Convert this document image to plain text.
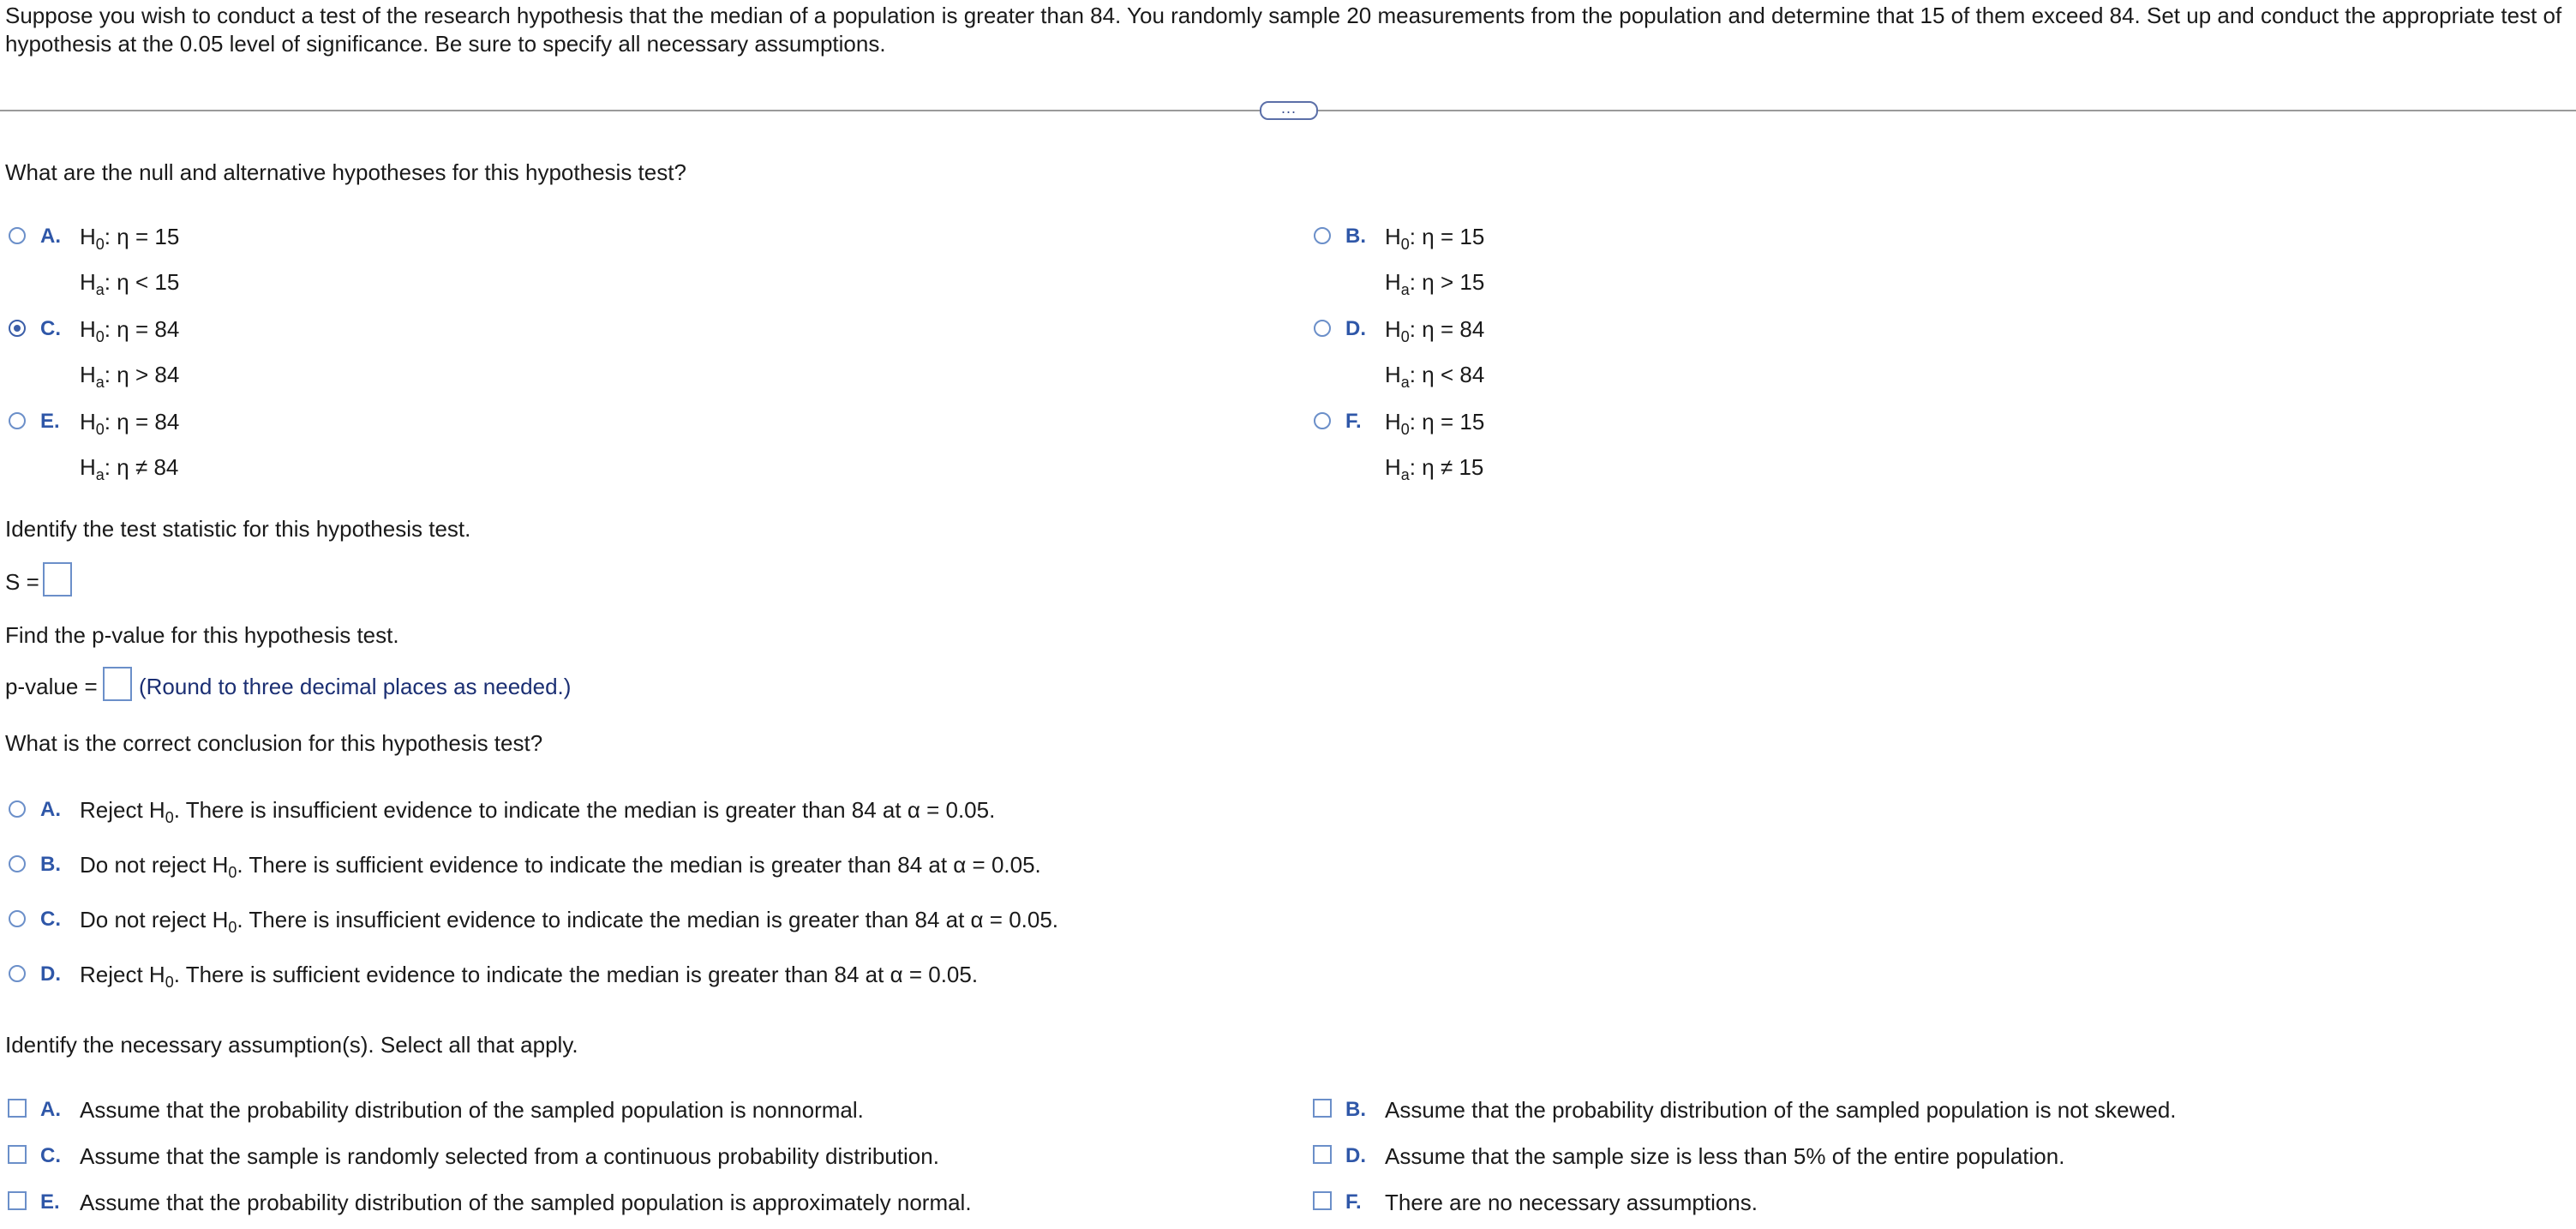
Suppose you wish to conduct a test of the research hypothesis that the median of a population is greater than 84. You randomly sample 20 measurements from the population and determine that 15 of them exceed 84. Set up and conduct the appropriate test of hypothesis at the 0.05 level of significance. Be sure to specify all necessary assumptions.
...
What are the null and alternative hypotheses for this hypothesis test?
A. $H_0$: η = 15
$H_a$: η < 15
B. $H_0$: η = 15
$H_a$: η > 15
C. $H_0$: η = 84
$H_a$: η > 84
D. $H_0$: η = 84
$H_a$: η < 84
E. $H_0$: η = 84
$H_a$: η ≠ 84
F. $H_0$: η = 15
$H_a$: η ≠ 15
Identify the test statistic for this hypothesis test.
S =
Find the p-value for this hypothesis test.
p-value = (Round to three decimal places as needed.)
What is the correct conclusion for this hypothesis test?
A. Reject $H_0$. There is insufficient evidence to indicate the median is greater than 84 at α = 0.05.
B. Do not reject $H_0$. There is sufficient evidence to indicate the median is greater than 84 at α = 0.05.
C. Do not reject $H_0$. There is insufficient evidence to indicate the median is greater than 84 at α = 0.05.
D. Reject $H_0$. There is sufficient evidence to indicate the median is greater than 84 at α = 0.05.
Identify the necessary assumption(s). Select all that apply.
A. Assume that the probability distribution of the sampled population is nonnormal.	B. Assume that the probability distribution of the sampled population is not skewed.
C. Assume that the sample is randomly selected from a continuous probability distribution.	D. Assume that the sample size is less than 5% of the entire population.
E. Assume that the probability distribution of the sampled population is approximately normal.	F. There are no necessary assumptions.
